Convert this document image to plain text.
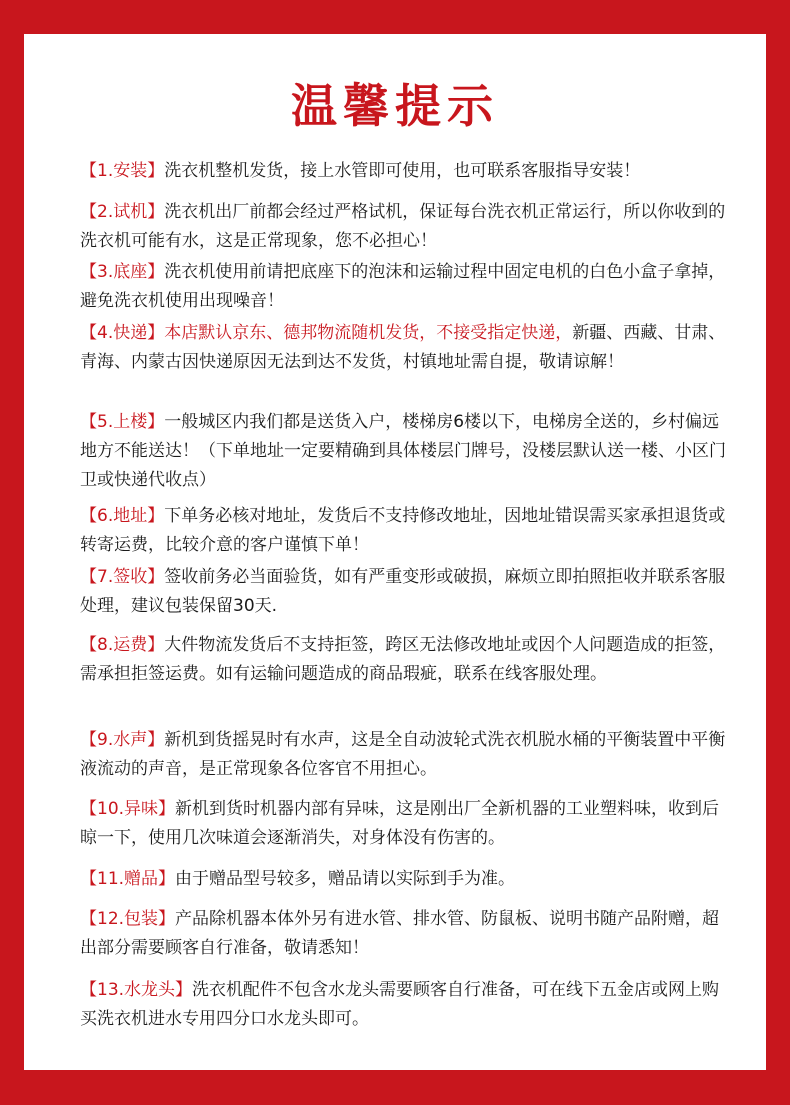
温馨提示
【1.安装】洗衣机整机发货，接上水管即可使用，也可联系客服指导安装！
【2.试机】洗衣机出厂前都会经过严格试机，保证每台洗衣机正常运行，所以你收到的洗衣机可能有水，这是正常现象，您不必担心！
【3.底座】洗衣机使用前请把底座下的泡沫和运输过程中固定电机的白色小盒子拿掉，避免洗衣机使用出现噪音！
【4.快递】本店默认京东、德邦物流随机发货，不接受指定快递，新疆、西藏、甘肃、青海、内蒙古因快递原因无法到达不发货，村镇地址需自提，敬请谅解！
【5.上楼】一般城区内我们都是送货入户，楼梯房6楼以下，电梯房全送的，乡村偏远地方不能送达！（下单地址一定要精确到具体楼层门牌号，没楼层默认送一楼、小区门卫或快递代收点）
【6.地址】下单务必核对地址，发货后不支持修改地址，因地址错误需买家承担退货或转寄运费，比较介意的客户谨慎下单！
【7.签收】签收前务必当面验货，如有严重变形或破损，麻烦立即拍照拒收并联系客服处理，建议包装保留30天.
【8.运费】大件物流发货后不支持拒签，跨区无法修改地址或因个人问题造成的拒签，需承担拒签运费。如有运输问题造成的商品瑕疵，联系在线客服处理。
【9.水声】新机到货摇晃时有水声，这是全自动波轮式洗衣机脱水桶的平衡装置中平衡液流动的声音，是正常现象各位客官不用担心。
【10.异味】新机到货时机器内部有异味，这是刚出厂全新机器的工业塑料味，收到后晾一下，使用几次味道会逐渐消失，对身体没有伤害的。
【11.赠品】由于赠品型号较多，赠品请以实际到手为准。
【12.包装】产品除机器本体外另有进水管、排水管、防鼠板、说明书随产品附赠，超出部分需要顾客自行准备，敬请悉知！
【13.水龙头】洗衣机配件不包含水龙头需要顾客自行准备，可在线下五金店或网上购买洗衣机进水专用四分口水龙头即可。
